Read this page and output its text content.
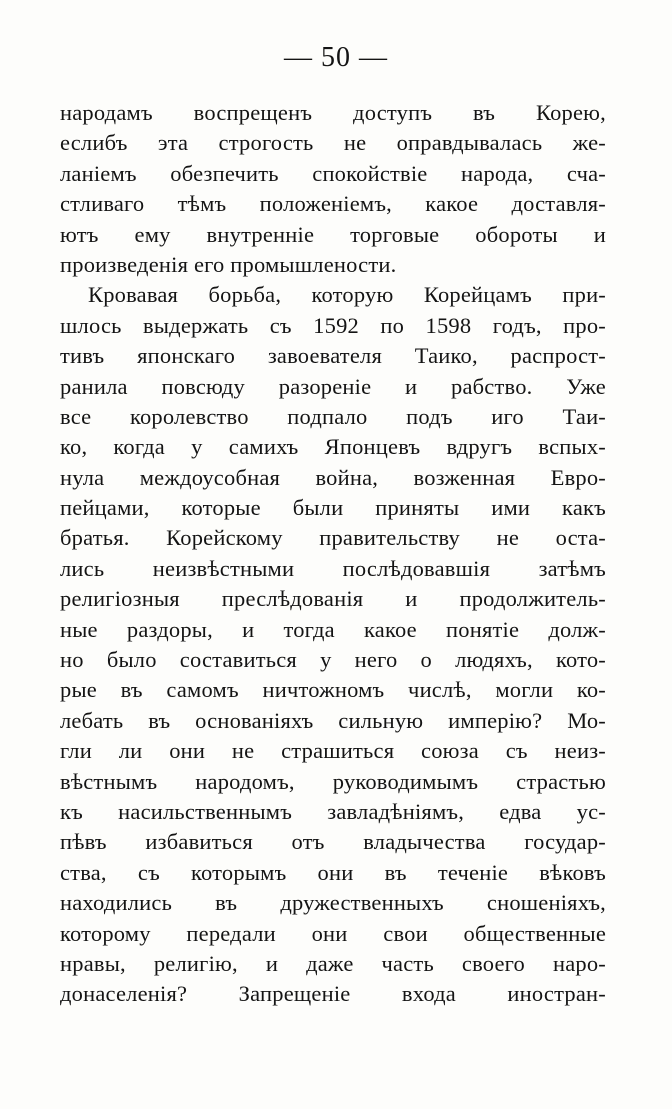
— 50 —
народамъ воспрещенъ доступъ въ Корею,
еслибъ эта строгость не оправдывалась же-
ланіемъ обезпечить спокойствіе народа, сча-
стливаго тѣмъ положеніемъ, какое доставля-
ютъ ему внутренніе торговые обороты и
произведенія его промышлености.
Кровавая борьба, которую Корейцамъ при-
шлось выдержать съ 1592 по 1598 годъ, про-
тивъ японскаго завоевателя Таико, распрост-
ранила повсюду разореніе и рабство. Уже
все королевство подпало подъ иго Таи-
ко, когда у самихъ Японцевъ вдругъ вспых-
нула междоусобная война, возженная Евро-
пейцами, которые были приняты ими какъ
братья. Корейскому правительству не оста-
лись неизвѣстными послѣдовавшія затѣмъ
религіозныя преслѣдованія и продолжитель-
ные раздоры, и тогда какое понятіе долж-
но было составиться у него о людяхъ, кото-
рые въ самомъ ничтожномъ числѣ, могли ко-
лебать въ основаніяхъ сильную имперію? Мо-
гли ли они не страшиться союза съ неиз-
вѣстнымъ народомъ, руководимымъ страстью
къ насильственнымъ завладѣніямъ, едва ус-
пѣвъ избавиться отъ владычества государ-
ства, съ которымъ они въ теченіе вѣковъ
находились въ дружественныхъ сношеніяхъ,
которому передали они свои общественные
нравы, религію, и даже часть своего наро-
донаселенія? Запрещеніе входа иностран-
